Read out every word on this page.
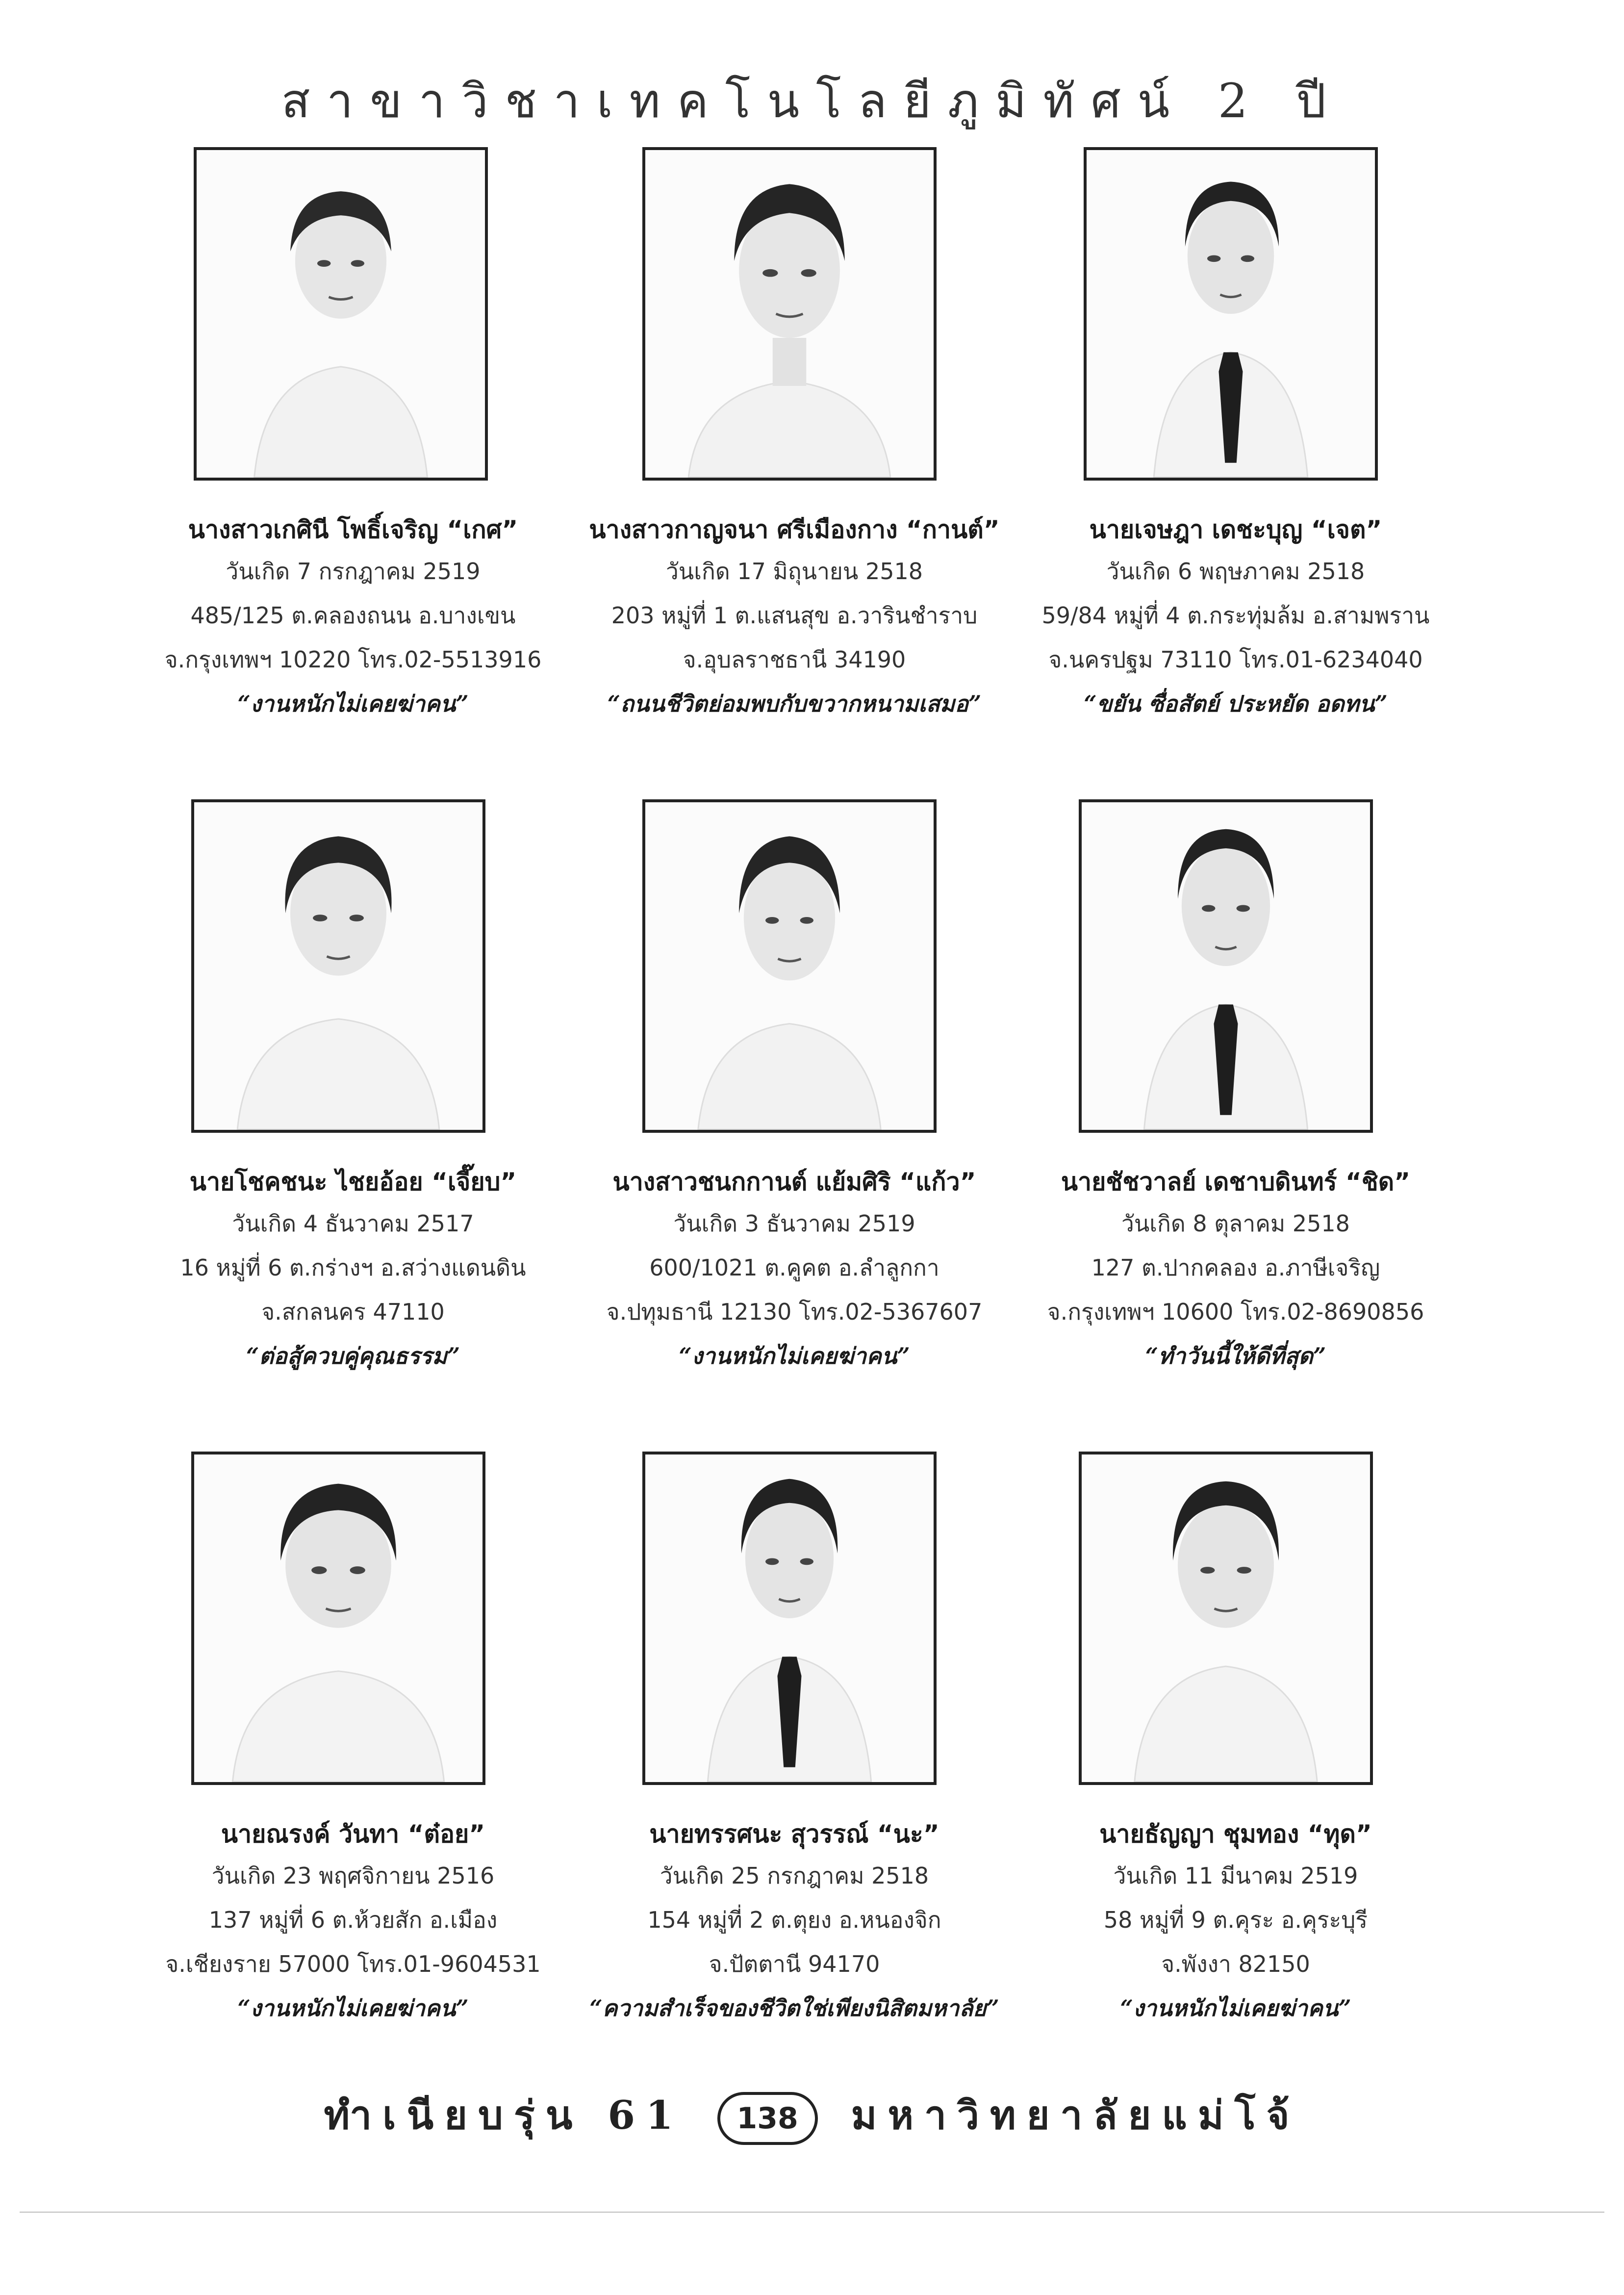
สาขาวิชาเทคโนโลยีภูมิทัศน์ 2 ปี
นางสาวเกศินี โพธิ์เจริญ “เกศ”
วันเกิด 7 กรกฎาคม 2519
485/125 ต.คลองถนน อ.บางเขน
จ.กรุงเทพฯ 10220 โทร.02-5513916
“งานหนักไม่เคยฆ่าคน”
นางสาวกาญจนา ศรีเมืองกาง “กานต์”
วันเกิด 17 มิถุนายน 2518
203 หมู่ที่ 1 ต.แสนสุข อ.วารินชำราบ
จ.อุบลราชธานี 34190
“ถนนชีวิตย่อมพบกับขวากหนามเสมอ”
นายเจษฎา เดชะบุญ “เจต”
วันเกิด 6 พฤษภาคม 2518
59/84 หมู่ที่ 4 ต.กระทุ่มล้ม อ.สามพราน
จ.นครปฐม 73110 โทร.01-6234040
“ขยัน ซื่อสัตย์ ประหยัด อดทน”
นายโชคชนะ ไชยอ้อย “เจี๊ยบ”
วันเกิด 4 ธันวาคม 2517
16 หมู่ที่ 6 ต.กร่างฯ อ.สว่างแดนดิน
จ.สกลนคร 47110
“ต่อสู้ควบคู่คุณธรรม”
นางสาวชนกกานต์ แย้มศิริ “แก้ว”
วันเกิด 3 ธันวาคม 2519
600/1021 ต.คูคต อ.ลำลูกกา
จ.ปทุมธานี 12130 โทร.02-5367607
“งานหนักไม่เคยฆ่าคน”
นายชัชวาลย์ เดชาบดินทร์ “ชิด”
วันเกิด 8 ตุลาคม 2518
127 ต.ปากคลอง อ.ภาษีเจริญ
จ.กรุงเทพฯ 10600 โทร.02-8690856
“ทำวันนี้ให้ดีที่สุด”
นายณรงค์ วันทา “ต๋อย”
วันเกิด 23 พฤศจิกายน 2516
137 หมู่ที่ 6 ต.ห้วยสัก อ.เมือง
จ.เชียงราย 57000 โทร.01-9604531
“งานหนักไม่เคยฆ่าคน”
นายทรรศนะ สุวรรณ์ “นะ”
วันเกิด 25 กรกฎาคม 2518
154 หมู่ที่ 2 ต.ตุยง อ.หนองจิก
จ.ปัตตานี 94170
“ความสำเร็จของชีวิตใช่เพียงนิสิตมหาลัย”
นายธัญญา ชุมทอง “ทุด”
วันเกิด 11 มีนาคม 2519
58 หมู่ที่ 9 ต.คุระ อ.คุระบุรี
จ.พังงา 82150
“งานหนักไม่เคยฆ่าคน”
ทำเนียบรุ่น 61 138 มหาวิทยาลัยแม่โจ้
